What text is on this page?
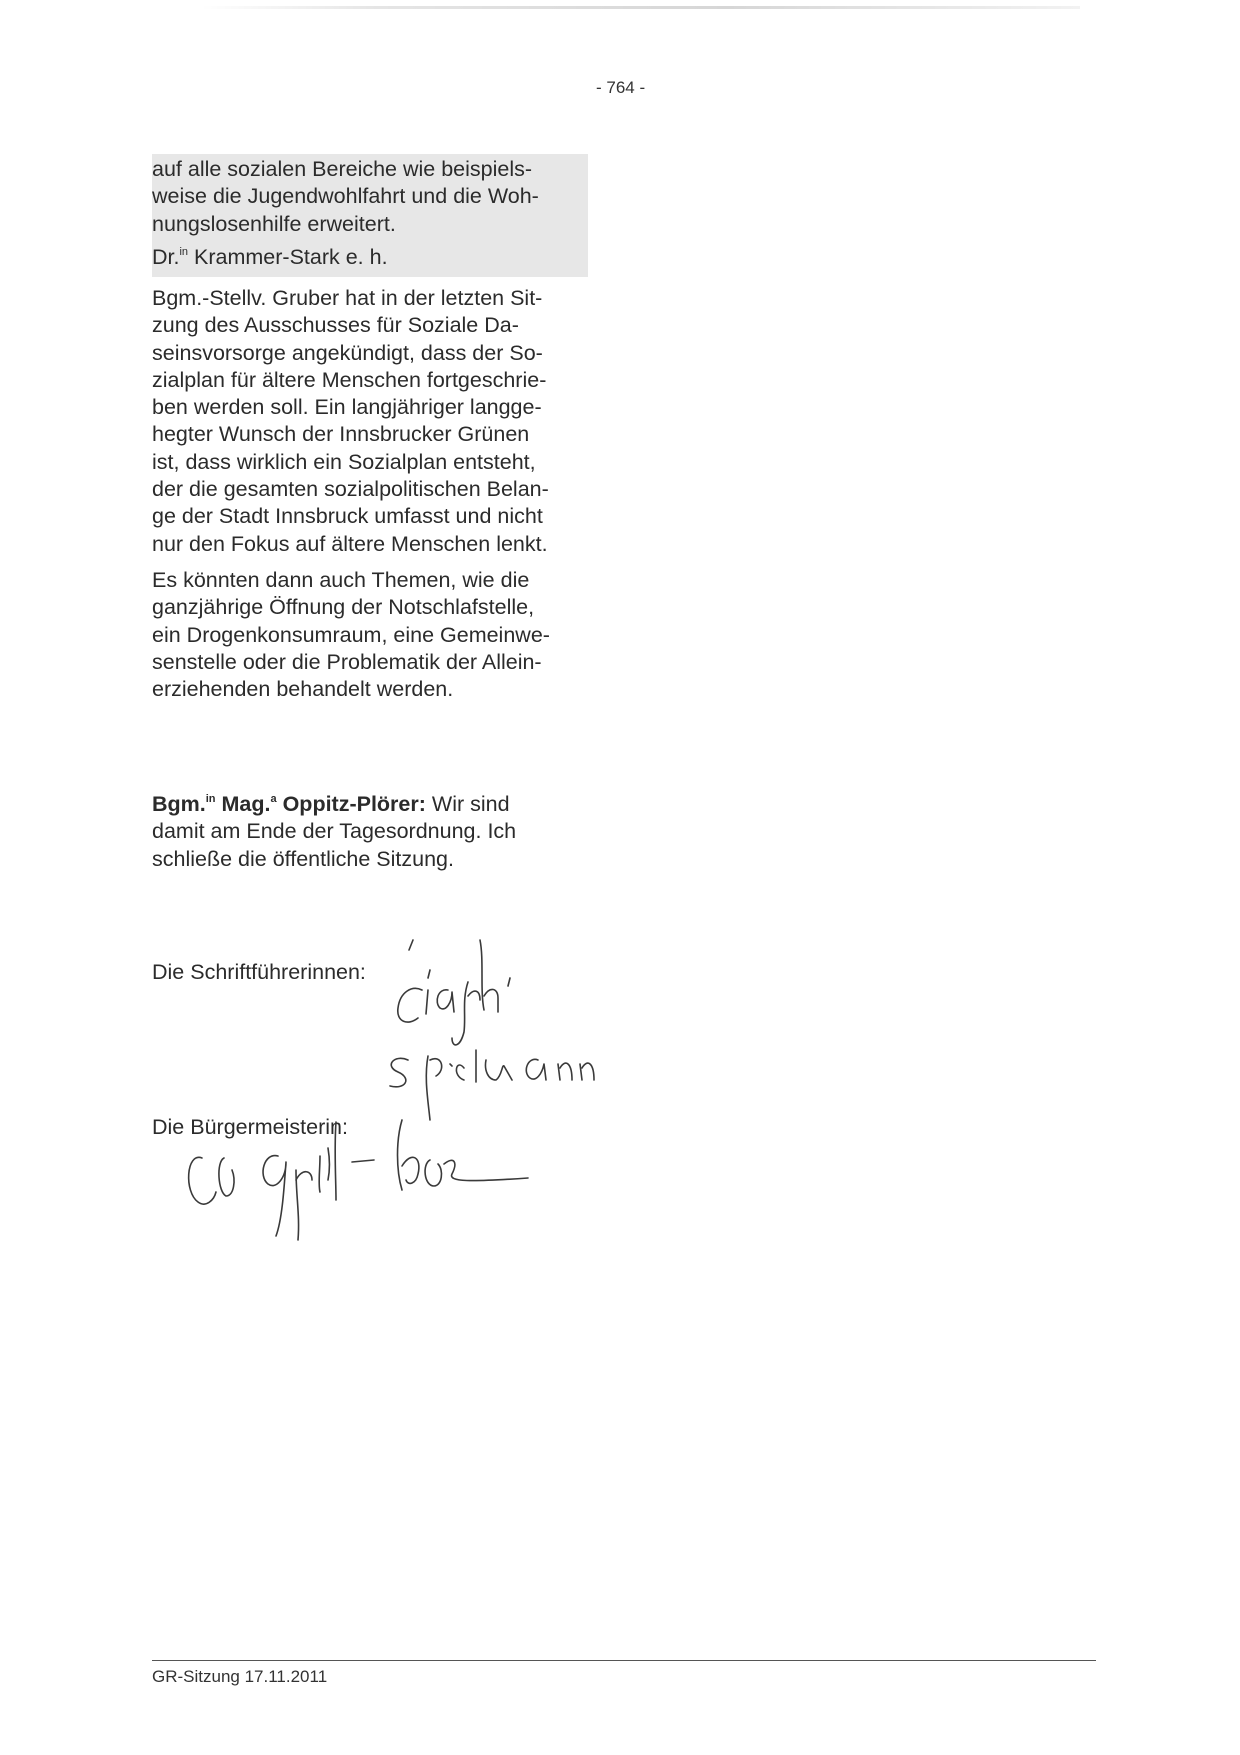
- 764 -

auf alle sozialen Bereiche wie beispiels-
weise die Jugendwohlfahrt und die Woh-
nungslosenhilfe erweitert.

Dr.$^{in}$ Krammer-Stark e. h.

Bgm.-Stellv. Gruber hat in der letzten Sit-
zung des Ausschusses für Soziale Da-
seinsvorsorge angekündigt, dass der So-
zialplan für ältere Menschen fortgeschrie-
ben werden soll. Ein langjähriger langge-
hegter Wunsch der Innsbrucker Grünen
ist, dass wirklich ein Sozialplan entsteht,
der die gesamten sozialpolitischen Belan-
ge der Stadt Innsbruck umfasst und nicht
nur den Fokus auf ältere Menschen lenkt.

Es könnten dann auch Themen, wie die
ganzjährige Öffnung der Notschlafstelle,
ein Drogenkonsumraum, eine Gemeinwe-
senstelle oder die Problematik der Allein-
erziehenden behandelt werden.

Bgm.$^{in}$ Mag.$^a$ Oppitz-Plörer: Wir sind
damit am Ende der Tagesordnung. Ich
schließe die öffentliche Sitzung.

Die Schriftführerinnen:
Die Bürgermeisterin:
GR-Sitzung 17.11.2011
